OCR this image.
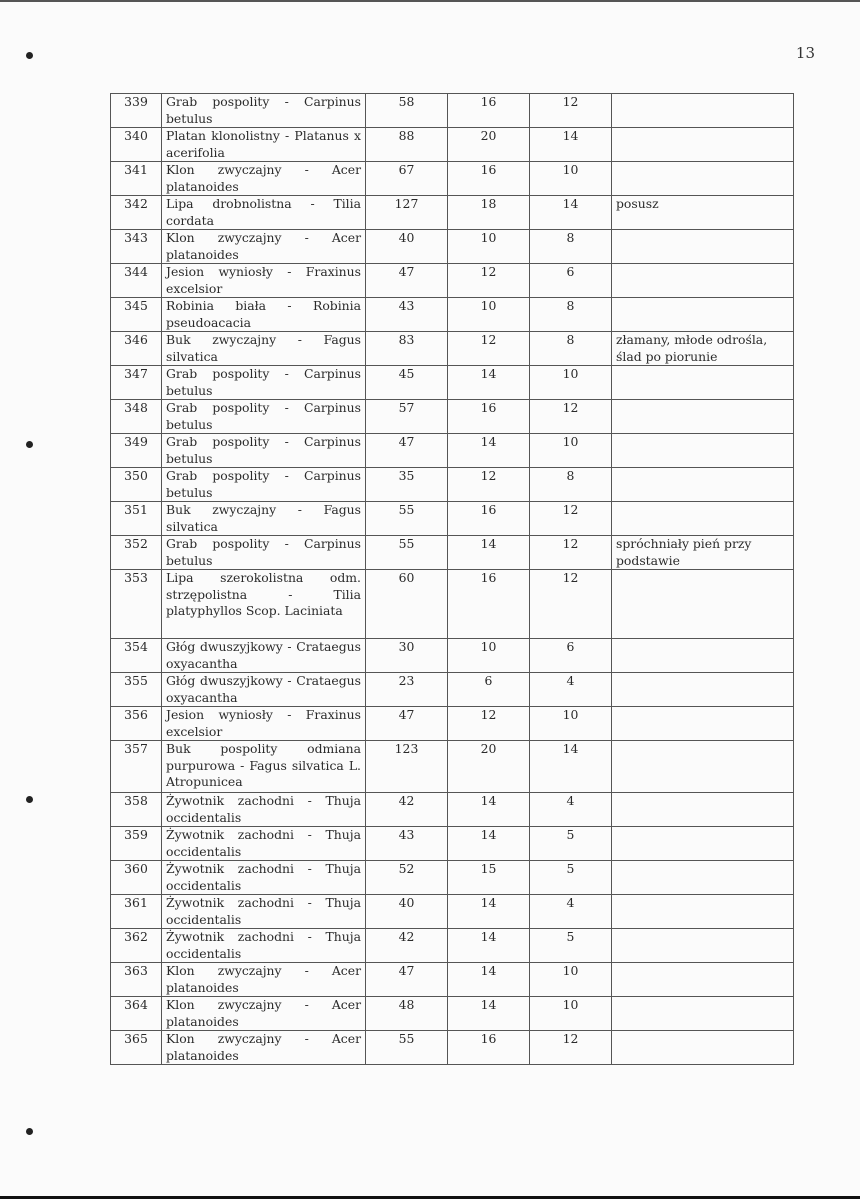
13
339	Grab pospolity - Carpinus betulus	58	16	12	
340	Platan klonolistny - Platanus x acerifolia	88	20	14	
341	Klon zwyczajny - Acer platanoides	67	16	10	
342	Lipa drobnolistna - Tilia cordata	127	18	14	posusz
343	Klon zwyczajny - Acer platanoides	40	10	8	
344	Jesion wyniosły - Fraxinus excelsior	47	12	6	
345	Robinia biała - Robinia pseudoacacia	43	10	8	
346	Buk zwyczajny - Fagus silvatica	83	12	8	złamany, młode odrośla, ślad po piorunie
347	Grab pospolity - Carpinus betulus	45	14	10	
348	Grab pospolity - Carpinus betulus	57	16	12	
349	Grab pospolity - Carpinus betulus	47	14	10	
350	Grab pospolity - Carpinus betulus	35	12	8	
351	Buk zwyczajny - Fagus silvatica	55	16	12	
352	Grab pospolity - Carpinus betulus	55	14	12	spróchniały pień przy podstawie
353	Lipa szerokolistna odm. strzępolistna - Tilia platyphyllos Scop. Laciniata	60	16	12	
354	Głóg dwuszyjkowy - Crataegus oxyacantha	30	10	6	
355	Głóg dwuszyjkowy - Crataegus oxyacantha	23	6	4	
356	Jesion wyniosły - Fraxinus excelsior	47	12	10	
357	Buk pospolity odmiana purpurowa - Fagus silvatica L. Atropunicea	123	20	14	
358	Żywotnik zachodni - Thuja occidentalis	42	14	4	
359	Żywotnik zachodni - Thuja occidentalis	43	14	5	
360	Żywotnik zachodni - Thuja occidentalis	52	15	5	
361	Żywotnik zachodni - Thuja occidentalis	40	14	4	
362	Żywotnik zachodni - Thuja occidentalis	42	14	5	
363	Klon zwyczajny - Acer platanoides	47	14	10	
364	Klon zwyczajny - Acer platanoides	48	14	10	
365	Klon zwyczajny - Acer platanoides	55	16	12	
